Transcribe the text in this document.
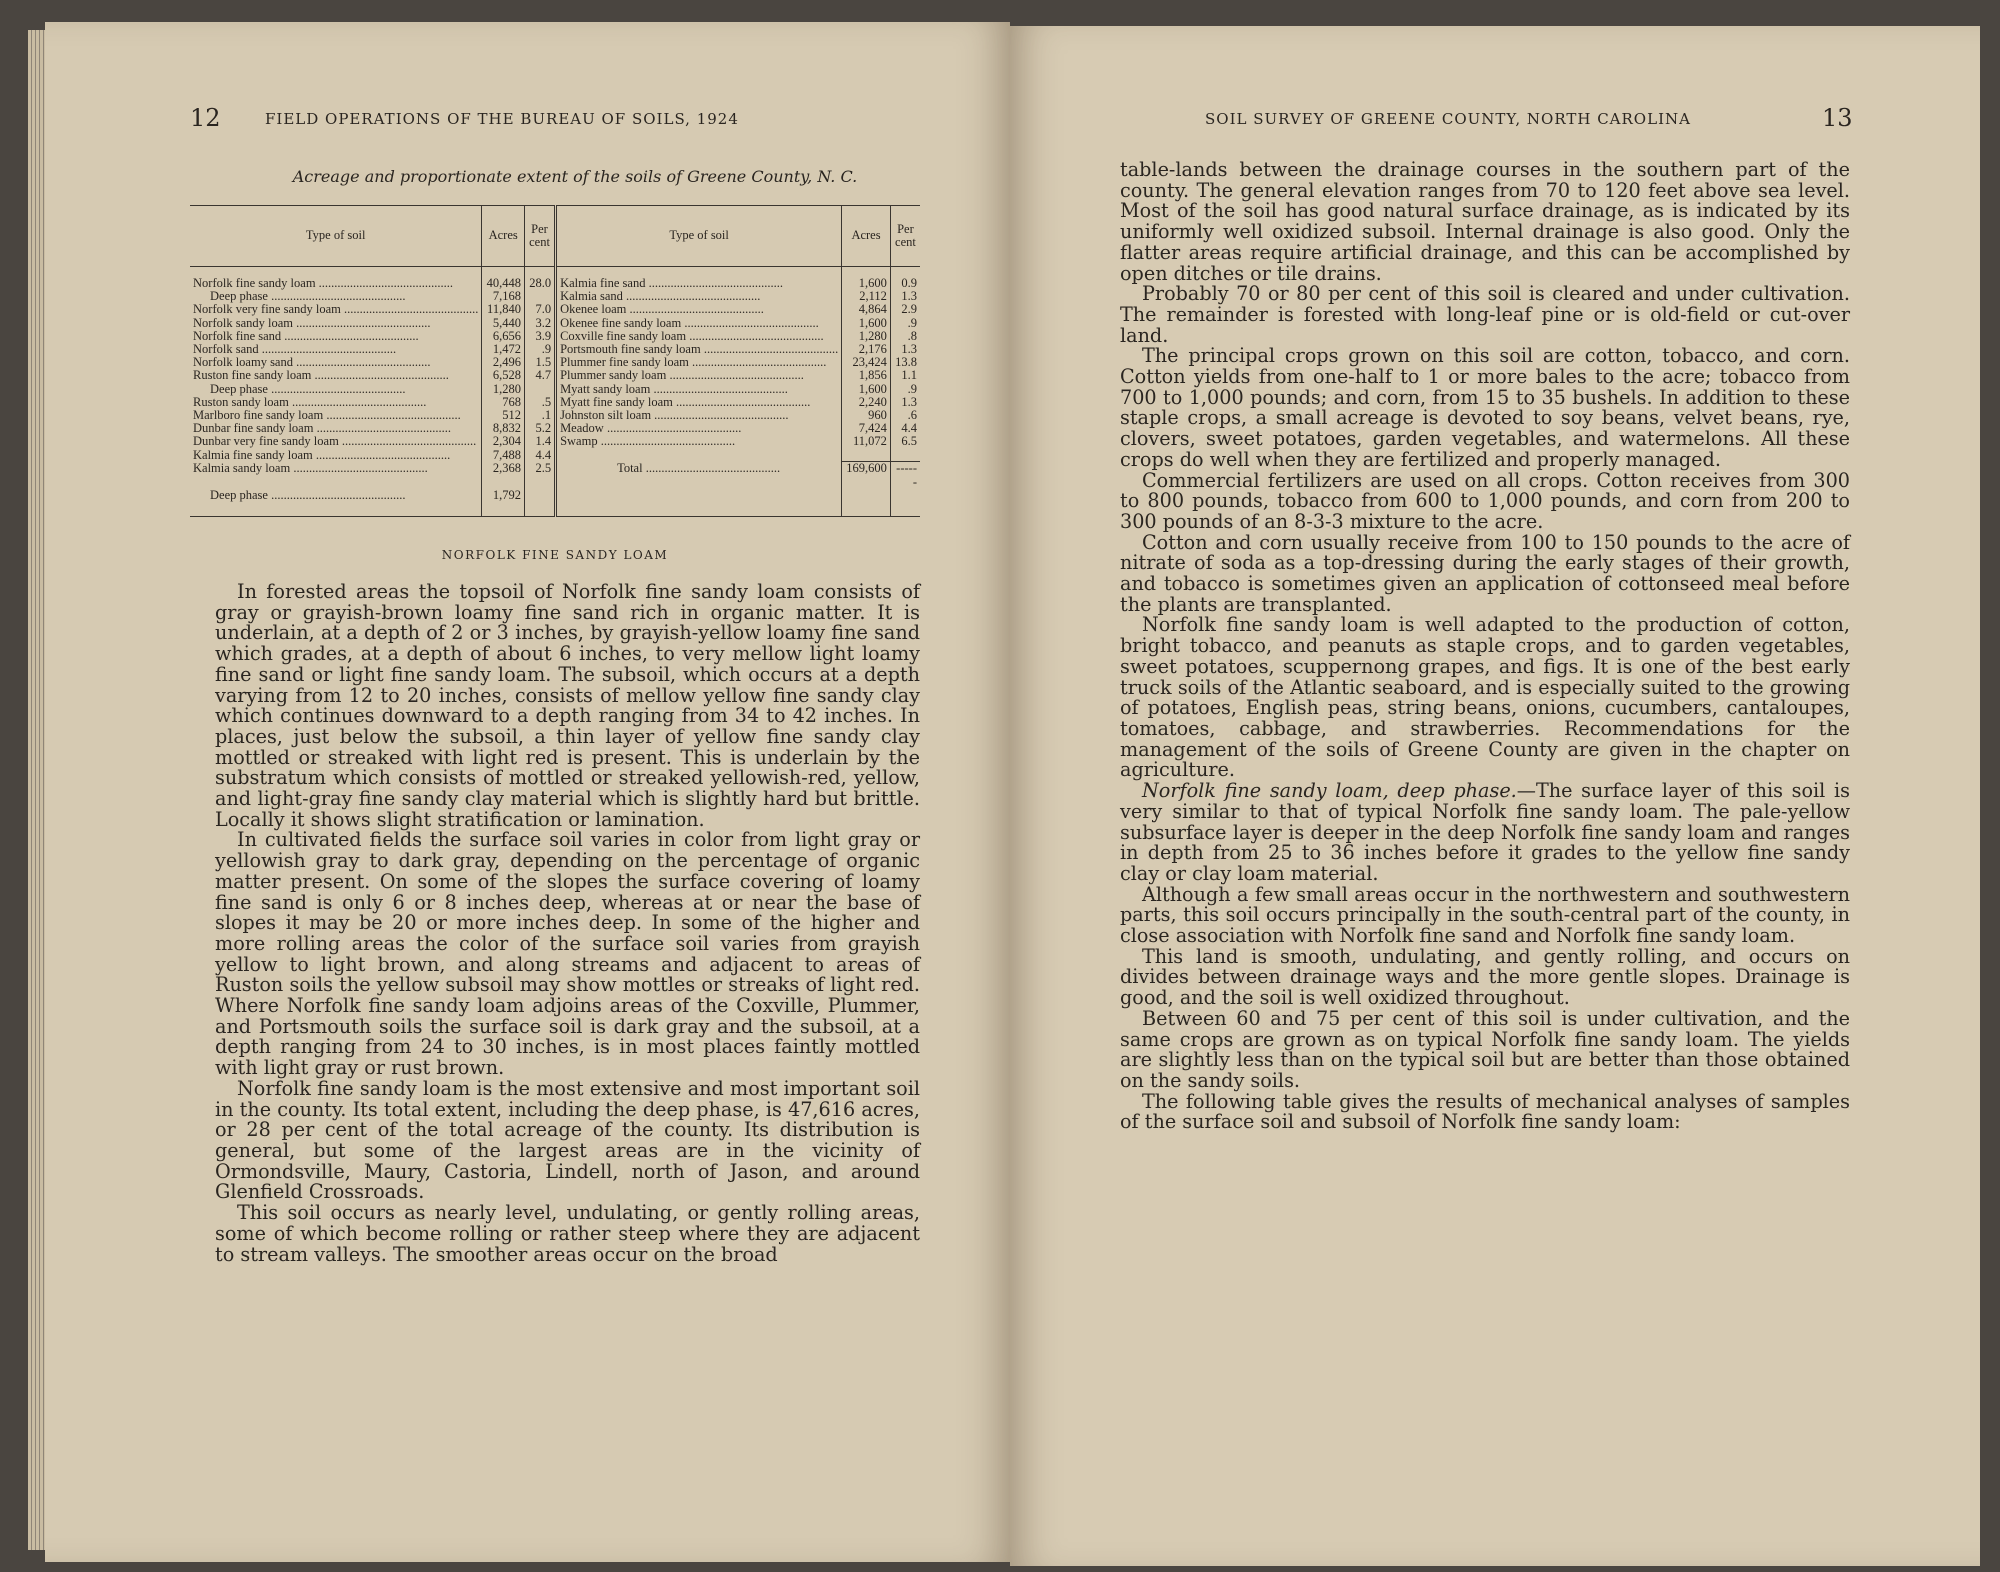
12	FIELD OPERATIONS OF THE BUREAU OF SOILS, 1924
Acreage and proportionate extent of the soils of Greene County, N. C.
Type of soil	Acres	Per cent	Type of soil	Acres	Per cent

Norfolk fine sandy loam .....	40,448	28.0	Kalmia fine sand .....	1,600	0.9
Deep phase .....	7,168		Kalmia sand .....	2,112	1.3
Norfolk very fine sandy loam .....	11,840	7.0	Okenee loam .....	4,864	2.9
Norfolk sandy loam .....	5,440	3.2	Okenee fine sandy loam .....	1,600	.9
Norfolk fine sand .....	6,656	3.9	Coxville fine sandy loam .....	1,280	.8
Norfolk sand .....	1,472	.9	Portsmouth fine sandy loam .....	2,176	1.3
Norfolk loamy sand .....	2,496	1.5	Plummer fine sandy loam .....	23,424	13.8
Ruston fine sandy loam .....	6,528	4.7	Plummer sandy loam .....	1,856	1.1
Deep phase .....	1,280		Myatt sandy loam .....	1,600	.9
Ruston sandy loam .....	768	.5	Myatt fine sandy loam .....	2,240	1.3
Marlboro fine sandy loam .....	512	.1	Johnston silt loam .....	960	.6
Dunbar fine sandy loam .....	8,832	5.2	Meadow .....	7,424	4.4
Dunbar very fine sandy loam .....	2,304	1.4	Swamp .....	11,072	6.5
Kalmia fine sandy loam .....	7,488	4.4			
Kalmia sandy loam .....	2,368	2.5	Total .....	169,600	------
Deep phase .....	1,792				

NORFOLK FINE SANDY LOAM

In forested areas the topsoil of Norfolk fine sandy loam consists of gray or grayish-brown loamy fine sand rich in organic matter. It is underlain, at a depth of 2 or 3 inches, by grayish-yellow loamy fine sand which grades, at a depth of about 6 inches, to very mellow light loamy fine sand or light fine sandy loam. The subsoil, which occurs at a depth varying from 12 to 20 inches, consists of mellow yellow fine sandy clay which continues downward to a depth ranging from 34 to 42 inches. In places, just below the subsoil, a thin layer of yellow fine sandy clay mottled or streaked with light red is present. This is underlain by the substratum which consists of mottled or streaked yellowish-red, yellow, and light-gray fine sandy clay material which is slightly hard but brittle. Locally it shows slight stratification or lamination.

In cultivated fields the surface soil varies in color from light gray or yellowish gray to dark gray, depending on the percentage of organic matter present. On some of the slopes the surface covering of loamy fine sand is only 6 or 8 inches deep, whereas at or near the base of slopes it may be 20 or more inches deep. In some of the higher and more rolling areas the color of the surface soil varies from grayish yellow to light brown, and along streams and adjacent to areas of Ruston soils the yellow subsoil may show mottles or streaks of light red. Where Norfolk fine sandy loam adjoins areas of the Coxville, Plummer, and Portsmouth soils the surface soil is dark gray and the subsoil, at a depth ranging from 24 to 30 inches, is in most places faintly mottled with light gray or rust brown.

Norfolk fine sandy loam is the most extensive and most important soil in the county. Its total extent, including the deep phase, is 47,616 acres, or 28 per cent of the total acreage of the county. Its distribution is general, but some of the largest areas are in the vicinity of Ormondsville, Maury, Castoria, Lindell, north of Jason, and around Glenfield Crossroads.

This soil occurs as nearly level, undulating, or gently rolling areas, some of which become rolling or rather steep where they are adjacent to stream valleys. The smoother areas occur on the broad

SOIL SURVEY OF GREENE COUNTY, NORTH CAROLINA	13

table-lands between the drainage courses in the southern part of the county. The general elevation ranges from 70 to 120 feet above sea level. Most of the soil has good natural surface drainage, as is indicated by its uniformly well oxidized subsoil. Internal drainage is also good. Only the flatter areas require artificial drainage, and this can be accomplished by open ditches or tile drains.

Probably 70 or 80 per cent of this soil is cleared and under cultivation. The remainder is forested with long-leaf pine or is old-field or cut-over land.

The principal crops grown on this soil are cotton, tobacco, and corn. Cotton yields from one-half to 1 or more bales to the acre; tobacco from 700 to 1,000 pounds; and corn, from 15 to 35 bushels. In addition to these staple crops, a small acreage is devoted to soy beans, velvet beans, rye, clovers, sweet potatoes, garden vegetables, and watermelons. All these crops do well when they are fertilized and properly managed.

Commercial fertilizers are used on all crops. Cotton receives from 300 to 800 pounds, tobacco from 600 to 1,000 pounds, and corn from 200 to 300 pounds of an 8-3-3 mixture to the acre.

Cotton and corn usually receive from 100 to 150 pounds to the acre of nitrate of soda as a top-dressing during the early stages of their growth, and tobacco is sometimes given an application of cottonseed meal before the plants are transplanted.

Norfolk fine sandy loam is well adapted to the production of cotton, bright tobacco, and peanuts as staple crops, and to garden vegetables, sweet potatoes, scuppernong grapes, and figs. It is one of the best early truck soils of the Atlantic seaboard, and is especially suited to the growing of potatoes, English peas, string beans, onions, cucumbers, cantaloupes, tomatoes, cabbage, and strawberries. Recommendations for the management of the soils of Greene County are given in the chapter on agriculture.

Norfolk fine sandy loam, deep phase.—The surface layer of this soil is very similar to that of typical Norfolk fine sandy loam. The pale-yellow subsurface layer is deeper in the deep Norfolk fine sandy loam and ranges in depth from 25 to 36 inches before it grades to the yellow fine sandy clay or clay loam material.

Although a few small areas occur in the northwestern and southwestern parts, this soil occurs principally in the south-central part of the county, in close association with Norfolk fine sand and Norfolk fine sandy loam.

This land is smooth, undulating, and gently rolling, and occurs on divides between drainage ways and the more gentle slopes. Drainage is good, and the soil is well oxidized throughout.

Between 60 and 75 per cent of this soil is under cultivation, and the same crops are grown as on typical Norfolk fine sandy loam. The yields are slightly less than on the typical soil but are better than those obtained on the sandy soils.

The following table gives the results of mechanical analyses of samples of the surface soil and subsoil of Norfolk fine sandy loam:
